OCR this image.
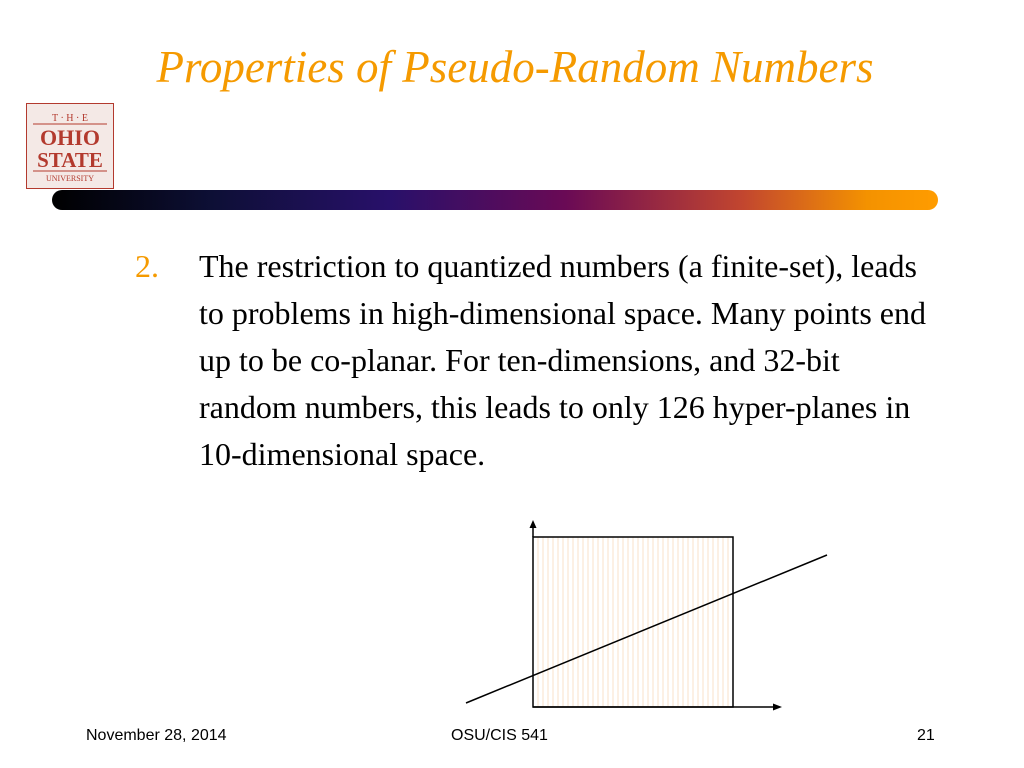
Properties of Pseudo-Random Numbers
T · H · E
OHIO
STATE
UNIVERSITY
2. The restriction to quantized numbers (a finite-set), leads to problems in high-dimensional space. Many points end up to be co-planar. For ten-dimensions, and 32-bit random numbers, this leads to only 126 hyper-planes in 10-dimensional space.
November 28, 2014	OSU/CIS 541	21
